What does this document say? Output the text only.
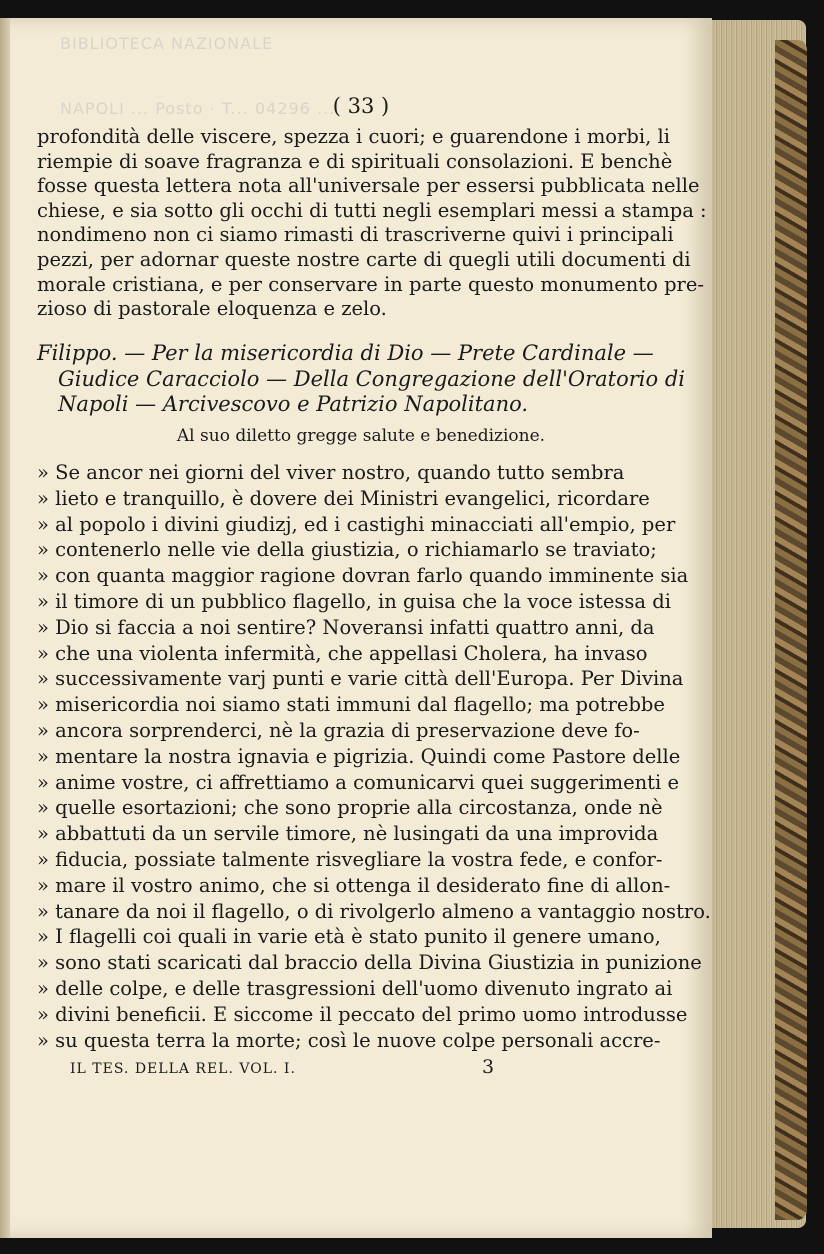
BIBLIOTECA NAZIONALE
NAPOLI ... Posto · T... 04296 ...
( 33 )
profondità delle viscere, spezza i cuori; e guarendone i morbi, li
riempie di soave fragranza e di spirituali consolazioni. E benchè
fosse questa lettera nota all'universale per essersi pubblicata nelle
chiese, e sia sotto gli occhi di tutti negli esemplari messi a stampa :
nondimeno non ci siamo rimasti di trascriverne quivi i principali
pezzi, per adornar queste nostre carte di quegli utili documenti di
morale cristiana, e per conservare in parte questo monumento pre-
zioso di pastorale eloquenza e zelo.
Filippo. — Per la misericordia di Dio — Prete Cardinale —
Giudice Caracciolo — Della Congregazione dell'Oratorio di
Napoli — Arcivescovo e Patrizio Napolitano.
Al suo diletto gregge salute e benedizione.
» Se ancor nei giorni del viver nostro, quando tutto sembra
» lieto e tranquillo, è dovere dei Ministri evangelici, ricordare
» al popolo i divini giudizj, ed i castighi minacciati all'empio, per
» contenerlo nelle vie della giustizia, o richiamarlo se traviato;
» con quanta maggior ragione dovran farlo quando imminente sia
» il timore di un pubblico flagello, in guisa che la voce istessa di
» Dio si faccia a noi sentire? Noveransi infatti quattro anni, da
» che una violenta infermità, che appellasi Cholera, ha invaso
» successivamente varj punti e varie città dell'Europa. Per Divina
» misericordia noi siamo stati immuni dal flagello; ma potrebbe
» ancora sorprenderci, nè la grazia di preservazione deve fo-
» mentare la nostra ignavia e pigrizia. Quindi come Pastore delle
» anime vostre, ci affrettiamo a comunicarvi quei suggerimenti e
» quelle esortazioni; che sono proprie alla circostanza, onde nè
» abbattuti da un servile timore, nè lusingati da una improvida
» fiducia, possiate talmente risvegliare la vostra fede, e confor-
» mare il vostro animo, che si ottenga il desiderato fine di allon-
» tanare da noi il flagello, o di rivolgerlo almeno a vantaggio nostro.
» I flagelli coi quali in varie età è stato punito il genere umano,
» sono stati scaricati dal braccio della Divina Giustizia in punizione
» delle colpe, e delle trasgressioni dell'uomo divenuto ingrato ai
» divini beneficii. E siccome il peccato del primo uomo introdusse
» su questa terra la morte; così le nuove colpe personali accre-
IL TES. DELLA REL. VOL. I.	3
